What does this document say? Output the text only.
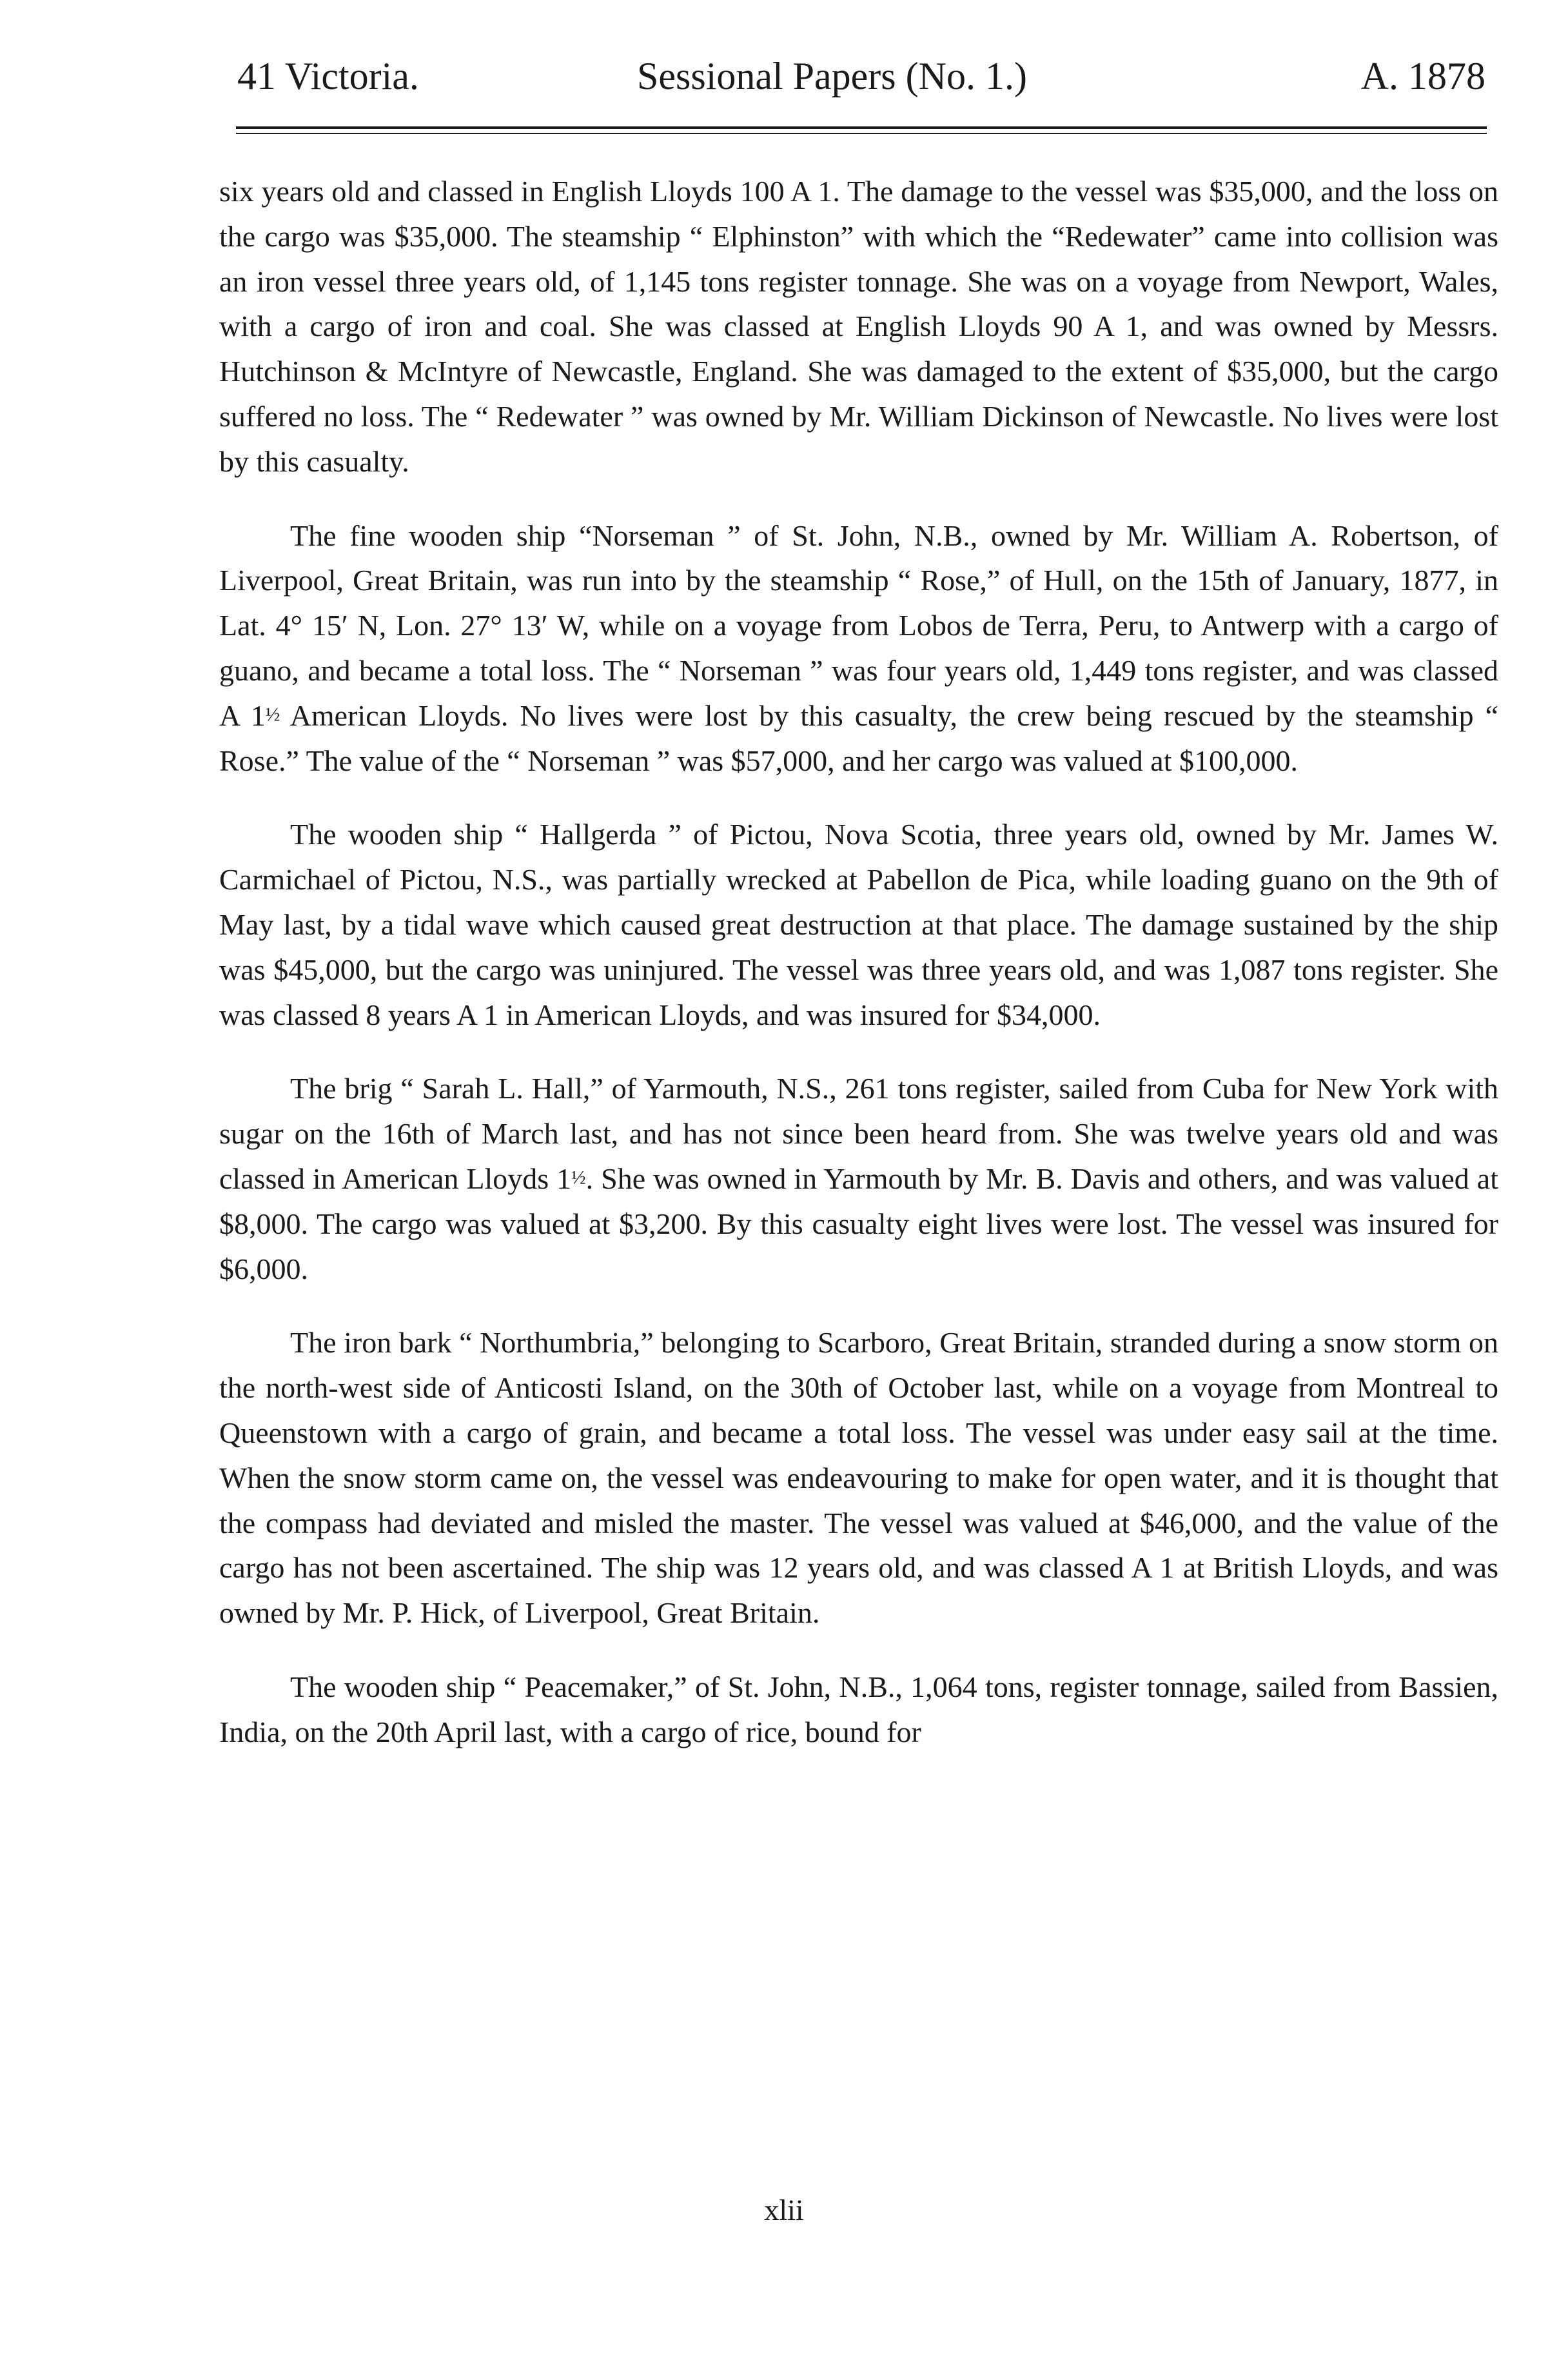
41 Victoria.	Sessional Papers (No. 1.)	A. 1878

six years old and classed in English Lloyds 100 A 1. The damage to the vessel was $35,000, and the loss on the cargo was $35,000. The steamship “ Elphinston” with which the “Redewater” came into collision was an iron vessel three years old, of 1,145 tons register tonnage. She was on a voyage from Newport, Wales, with a cargo of iron and coal. She was classed at English Lloyds 90 A 1, and was owned by Messrs. Hutchinson & McIntyre of Newcastle, England. She was damaged to the extent of $35,000, but the cargo suffered no loss. The “ Redewater ” was owned by Mr. William Dickinson of Newcastle. No lives were lost by this casualty.

The fine wooden ship “Norseman ” of St. John, N.B., owned by Mr. William A. Robertson, of Liverpool, Great Britain, was run into by the steamship “ Rose,” of Hull, on the 15th of January, 1877, in Lat. 4° 15′ N, Lon. 27° 13′ W, while on a voyage from Lobos de Terra, Peru, to Antwerp with a cargo of guano, and became a total loss. The “ Norseman ” was four years old, 1,449 tons register, and was classed A 1½ American Lloyds. No lives were lost by this casualty, the crew being rescued by the steamship “ Rose.” The value of the “ Norseman ” was $57,000, and her cargo was valued at $100,000.

The wooden ship “ Hallgerda ” of Pictou, Nova Scotia, three years old, owned by Mr. James W. Carmichael of Pictou, N.S., was partially wrecked at Pabellon de Pica, while loading guano on the 9th of May last, by a tidal wave which caused great destruction at that place. The damage sustained by the ship was $45,000, but the cargo was uninjured. The vessel was three years old, and was 1,087 tons register. She was classed 8 years A 1 in American Lloyds, and was insured for $34,000.

The brig “ Sarah L. Hall,” of Yarmouth, N.S., 261 tons register, sailed from Cuba for New York with sugar on the 16th of March last, and has not since been heard from. She was twelve years old and was classed in American Lloyds 1½. She was owned in Yarmouth by Mr. B. Davis and others, and was valued at $8,000. The cargo was valued at $3,200. By this casualty eight lives were lost. The vessel was insured for $6,000.

The iron bark “ Northumbria,” belonging to Scarboro, Great Britain, stranded during a snow storm on the north-west side of Anticosti Island, on the 30th of October last, while on a voyage from Montreal to Queenstown with a cargo of grain, and became a total loss. The vessel was under easy sail at the time. When the snow storm came on, the vessel was endeavouring to make for open water, and it is thought that the compass had deviated and misled the master. The vessel was valued at $46,000, and the value of the cargo has not been ascertained. The ship was 12 years old, and was classed A 1 at British Lloyds, and was owned by Mr. P. Hick, of Liverpool, Great Britain.

The wooden ship “ Peacemaker,” of St. John, N.B., 1,064 tons, register tonnage, sailed from Bassien, India, on the 20th April last, with a cargo of rice, bound for

xlii
